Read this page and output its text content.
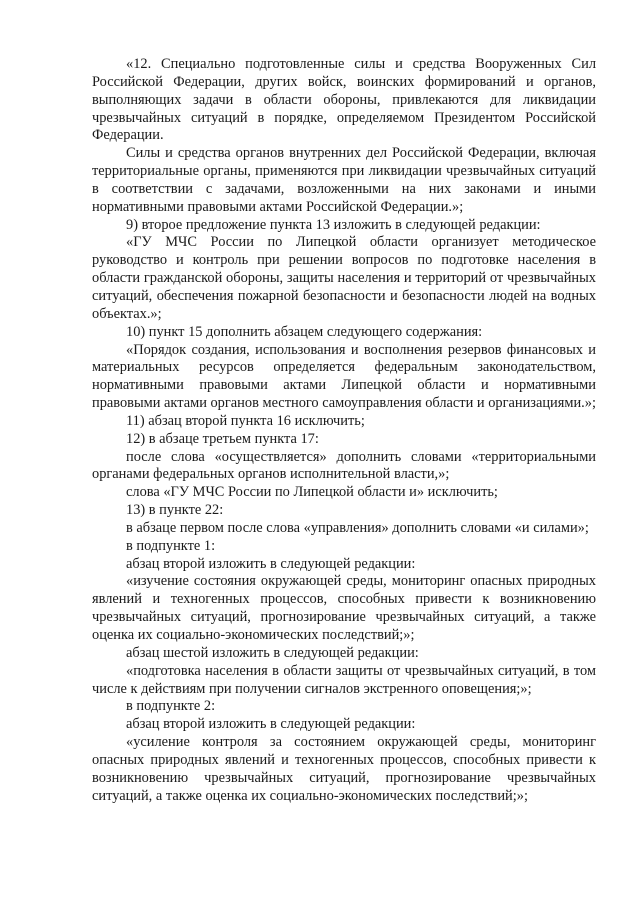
«12. Специально подготовленные силы и средства Вооруженных Сил Российской Федерации, других войск, воинских формирований и органов, выполняющих задачи в области обороны, привлекаются для ликвидации чрезвычайных ситуаций в порядке, определяемом Президентом Российской Федерации.

Силы и средства органов внутренних дел Российской Федерации, включая территориальные органы, применяются при ликвидации чрезвычайных ситуаций в соответствии с задачами, возложенными на них законами и иными нормативными правовыми актами Российской Федерации.»;

9) второе предложение пункта 13 изложить в следующей редакции:

«ГУ МЧС России по Липецкой области организует методическое руководство и контроль при решении вопросов по подготовке населения в области гражданской обороны, защиты населения и территорий от чрезвычайных ситуаций, обеспечения пожарной безопасности и безопасности людей на водных объектах.»;

10) пункт 15 дополнить абзацем следующего содержания:

«Порядок создания, использования и восполнения резервов финансовых и материальных ресурсов определяется федеральным законодательством, нормативными правовыми актами Липецкой области и нормативными правовыми актами органов местного самоуправления области и организациями.»;

11) абзац второй пункта 16 исключить;

12) в абзаце третьем пункта 17:

после слова «осуществляется» дополнить словами «территориальными органами федеральных органов исполнительной власти,»;

слова «ГУ МЧС России по Липецкой области и» исключить;

13) в пункте 22:

в абзаце первом после слова «управления» дополнить словами «и силами»;

в подпункте 1:

абзац второй изложить в следующей редакции:

«изучение состояния окружающей среды, мониторинг опасных природных явлений и техногенных процессов, способных привести к возникновению чрезвычайных ситуаций, прогнозирование чрезвычайных ситуаций, а также оценка их социально-экономических последствий;»;

абзац шестой изложить в следующей редакции:

«подготовка населения в области защиты от чрезвычайных ситуаций, в том числе к действиям при получении сигналов экстренного оповещения;»;

в подпункте 2:

абзац второй изложить в следующей редакции:

«усиление контроля за состоянием окружающей среды, мониторинг опасных природных явлений и техногенных процессов, способных привести к возникновению чрезвычайных ситуаций, прогнозирование чрезвычайных ситуаций, а также оценка их социально-экономических последствий;»;
